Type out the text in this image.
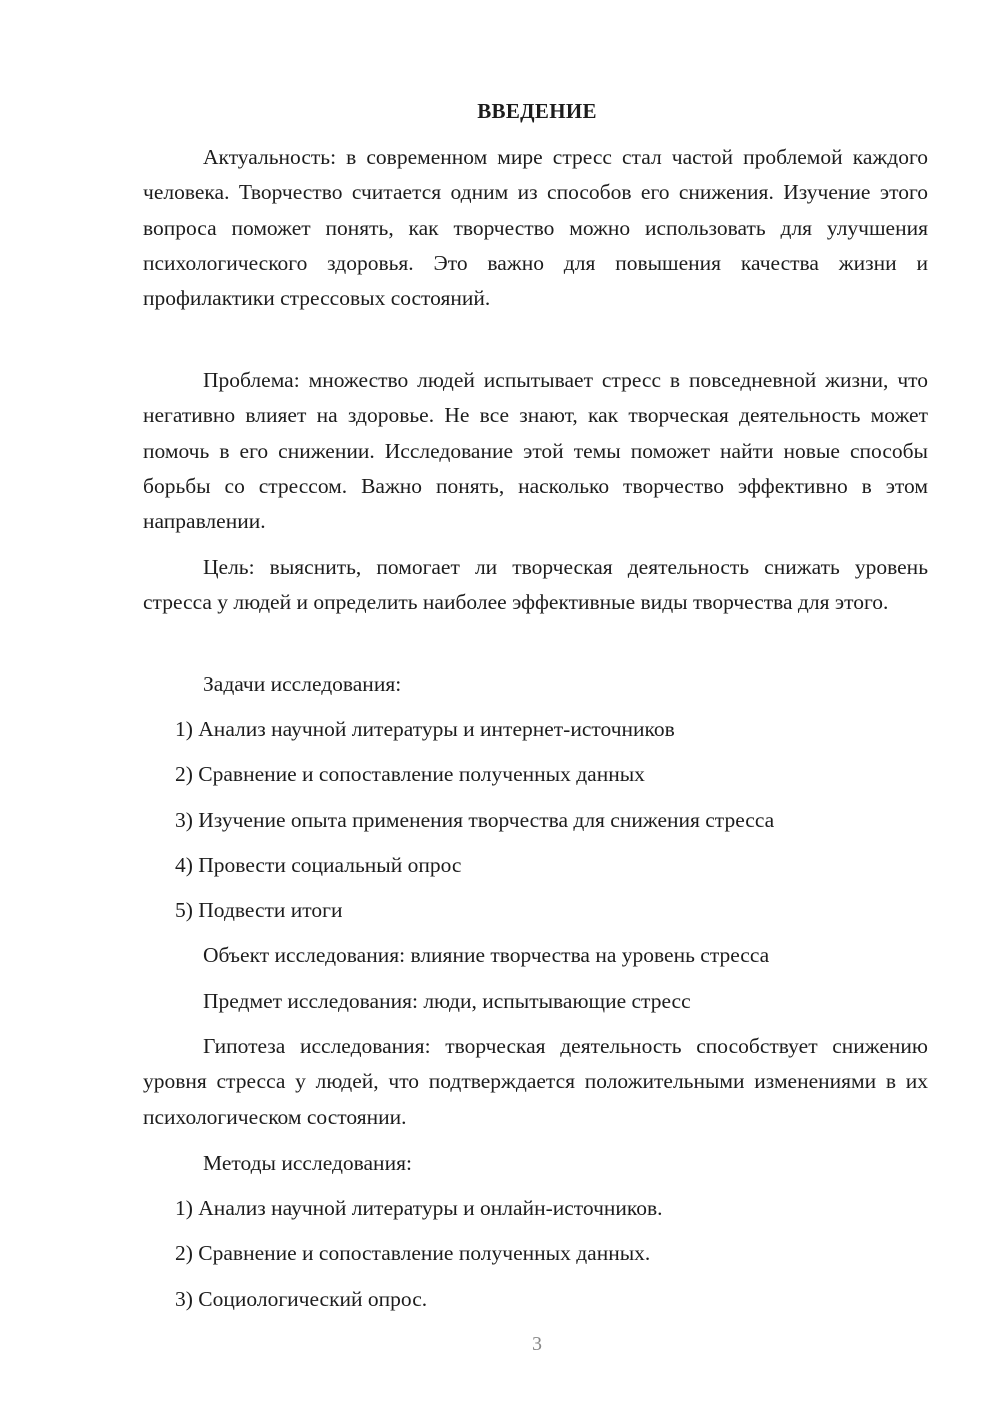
ВВЕДЕНИЕ

Актуальность: в современном мире стресс стал частой проблемой каждого человека. Творчество считается одним из способов его снижения. Изучение этого вопроса поможет понять, как творчество можно использовать для улучшения психологического здоровья. Это важно для повышения качества жизни и профилактики стрессовых состояний.

Проблема: множество людей испытывает стресс в повседневной жизни, что негативно влияет на здоровье. Не все знают, как творческая деятельность может помочь в его снижении. Исследование этой темы поможет найти новые способы борьбы со стрессом. Важно понять, насколько творчество эффективно в этом направлении.

Цель: выяснить, помогает ли творческая деятельность снижать уровень стресса у людей и определить наиболее эффективные виды творчества для этого.

Задачи исследования:
1) Анализ научной литературы и интернет-источников
2) Сравнение и сопоставление полученных данных
3) Изучение опыта применения творчества для снижения стресса
4) Провести социальный опрос
5) Подвести итоги
Объект исследования: влияние творчества на уровень стресса
Предмет исследования: люди, испытывающие стресс

Гипотеза исследования: творческая деятельность способствует снижению уровня стресса у людей, что подтверждается положительными изменениями в их психологическом состоянии.

Методы исследования:
1) Анализ научной литературы и онлайн-источников.
2) Сравнение и сопоставление полученных данных.
3) Социологический опрос.
3
